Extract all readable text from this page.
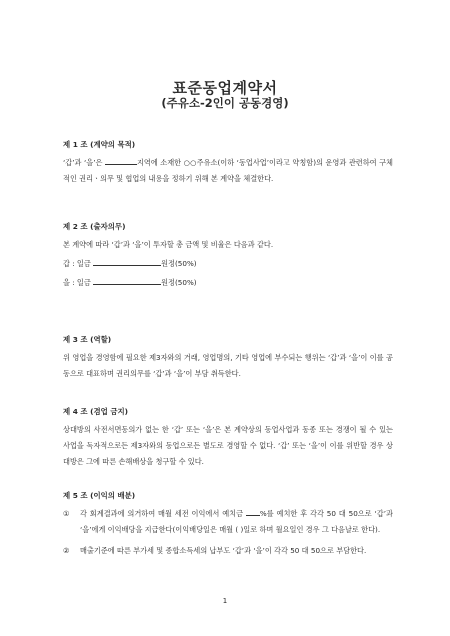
표준동업계약서
(주유소-2인이 공동경영)
제 1 조 (계약의 목적)
‘갑’과 ‘을’은	지역에 소재한 ○○주유소(이하 ‘동업사업’이라고 약칭함)의 운영과 관련하여 구체적인 권리ㆍ의무 및 협업의 내용을 정하기 위해 본 계약을 체결한다.
제 2 조 (출자의무)
본 계약에 따라 ‘갑’과 ‘을’이 투자할 총 금액 및 비율은 다음과 같다.
갑 : 일금	원정(50%)
을 : 일금	원정(50%)
제 3 조 (역할)
위 영업을 경영함에 필요한 제3자와의 거래, 영업명의, 기타 영업에 부수되는 행위는 ‘갑’과 ‘을’이 이를 공동으로 대표하며 권리의무를 ‘갑’과 ‘을’이 부담 취득한다.
제 4 조 (겸업 금지)
상대방의 사전서면동의가 없는 한 ‘갑’ 또는 ‘을’은 본 계약상의 동업사업과 동종 또는 경쟁이 될 수 있는 사업을 독자적으로든 제3자와의 동업으로든 별도로 경영할 수 없다. ‘갑’ 또는 ‘을’이 이를 위반할 경우 상대방은 그에 따른 손해배상을 청구할 수 있다.
제 5 조 (이익의 배분)
①	각 회계결과에 의거하여 매월 세전 이익에서 예치금 %를 예치한 후 각각 50 대 50으로 ‘갑’과 ‘을’에게 이익배당을 지급한다(이익배당일은 매월 ( )일로 하며 월요일인 경우 그 다음날로 한다).
②	매출기준에 따른 부가세 및 종합소득세의 납부도 ‘갑’과 ‘을’이 각각 50 대 50으로 부담한다.
1
